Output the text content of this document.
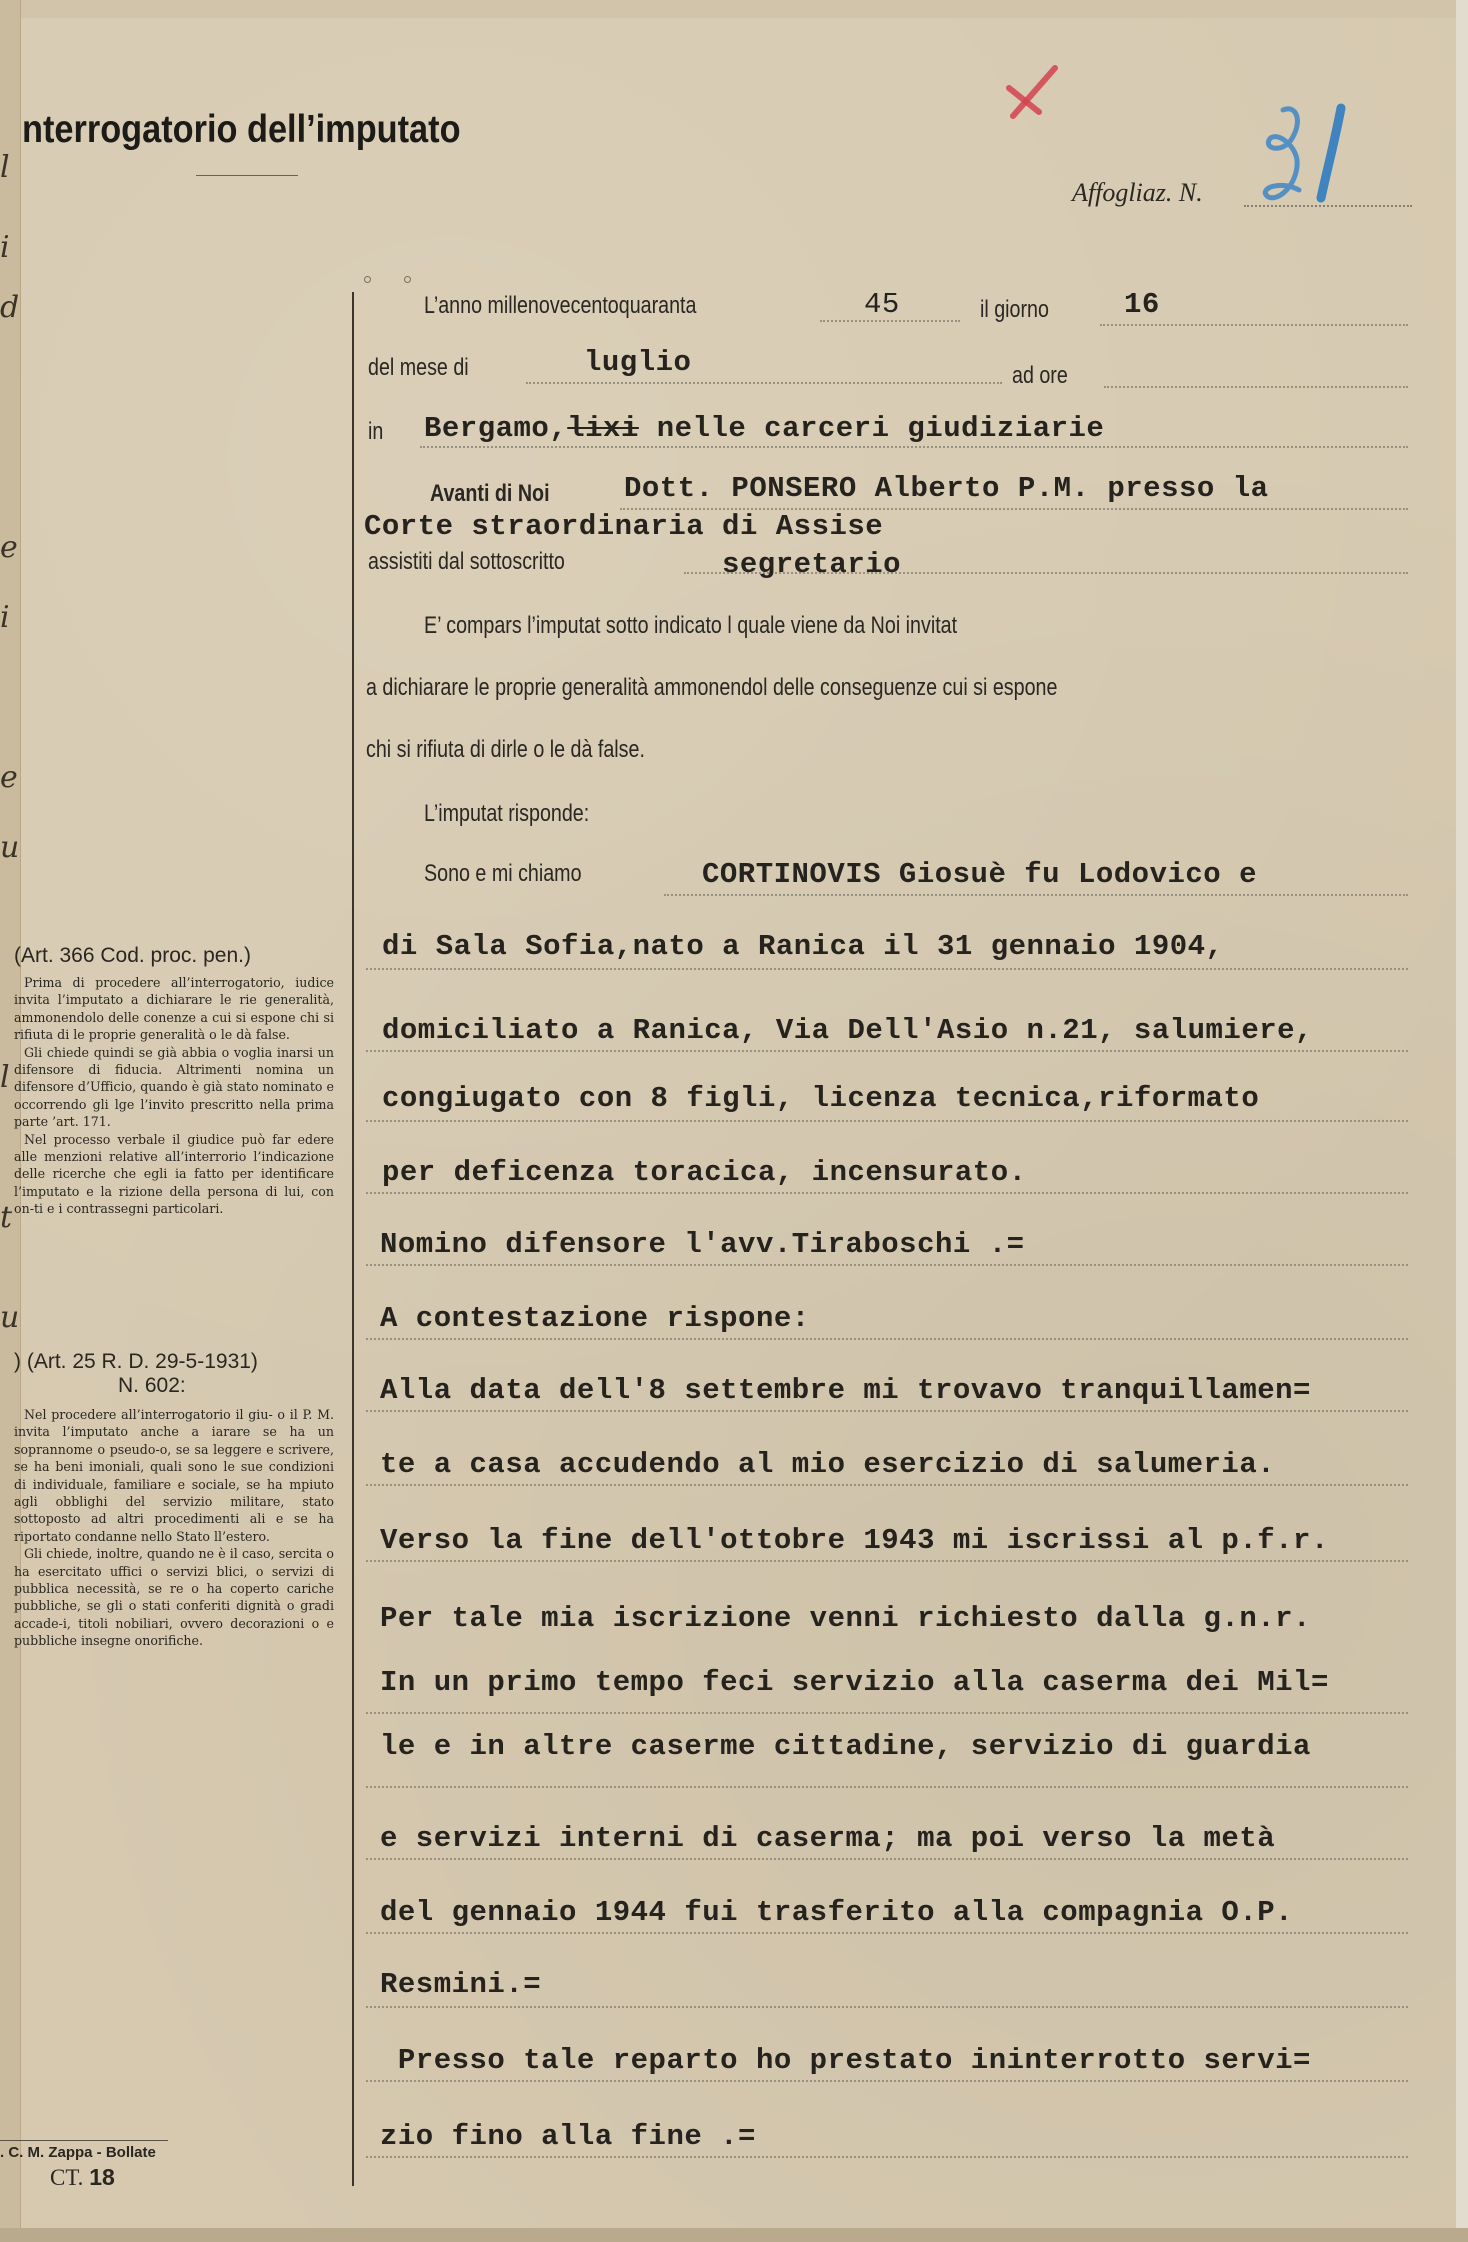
l
i
d
e
i
e
u
l
t
u
nterrogatorio dell’imputato
Affogliaz. N.
31
L’anno millenovecentoquaranta	45	il giorno	16
del mese di	luglio	ad ore
in Bergamo,lixi nelle carceri giudiziarie
Avanti di Noi	Dott. PONSERO Alberto P.M. presso la
Corte straordinaria di Assise
assistiti dal sottoscritto	segretario
E’ compars l’imputat sotto indicato l quale viene da Noi invitat
a dichiarare le proprie generalità ammonendol delle conseguenze cui si espone
chi si rifiuta di dirle o le dà false.
L’imputat risponde:
Sono e mi chiamo	CORTINOVIS Giosuè fu Lodovico e
di Sala Sofia,nato a Ranica il 31 gennaio 1904,
domiciliato a Ranica, Via Dell'Asio n.21, salumiere,
congiugato con 8 figli, licenza tecnica,riformato
per deficenza toracica, incensurato.
Nomino difensore l'avv.Tiraboschi .=
A contestazione rispone:
Alla data dell'8 settembre mi trovavo tranquillamen=
te a casa accudendo al mio esercizio di salumeria.
Verso la fine dell'ottobre 1943 mi iscrissi al p.f.r.
Per tale mia iscrizione venni richiesto dalla g.n.r.
In un primo tempo feci servizio alla caserma dei Mil=
le e in altre caserme cittadine, servizio di guardia
e servizi interni di caserma; ma poi verso la metà
del gennaio 1944 fui trasferito alla compagnia O.P.
Resmini.=
Presso tale reparto ho prestato ininterrotto servi=
zio fino alla fine .=
(Art. 366 Cod. proc. pen.)

Prima di procedere all’interrogatorio, iudice invita l’imputato a dichiarare le rie generalità, ammonendolo delle conenze a cui si espone chi si rifiuta di le proprie generalità o le dà false.

Gli chiede quindi se già abbia o voglia inarsi un difensore di fiducia. Altrimenti nomina un difensore d’Ufficio, quando è già stato nominato e occorrendo gli lge l’invito prescritto nella prima parte ’art. 171.

Nel processo verbale il giudice può far edere alle menzioni relative all’interrorio l’indicazione delle ricerche che egli ia fatto per identificare l’imputato e la rizione della persona di lui, con on-ti e i contrassegni particolari.

) (Art. 25 R. D. 29-5-1931)
N. 602:

Nel procedere all’interrogatorio il giu- o il P. M. invita l’imputato anche a iarare se ha un soprannome o pseudo-o, se sa leggere e scrivere, se ha beni imoniali, quali sono le sue condizioni di individuale, familiare e sociale, se ha mpiuto agli obblighi del servizio militare, stato sottoposto ad altri procedimenti ali e se ha riportato condanne nello Stato ll’estero.

Gli chiede, inoltre, quando ne è il caso, sercita o ha esercitato uffici o servizi blici, o servizi di pubblica necessità, se re o ha coperto cariche pubbliche, se gli o stati conferiti dignità o gradi accade-i, titoli nobiliari, ovvero decorazioni o e pubbliche insegne onorifiche.

. C. M. Zappa - Bollate
CT. 18
